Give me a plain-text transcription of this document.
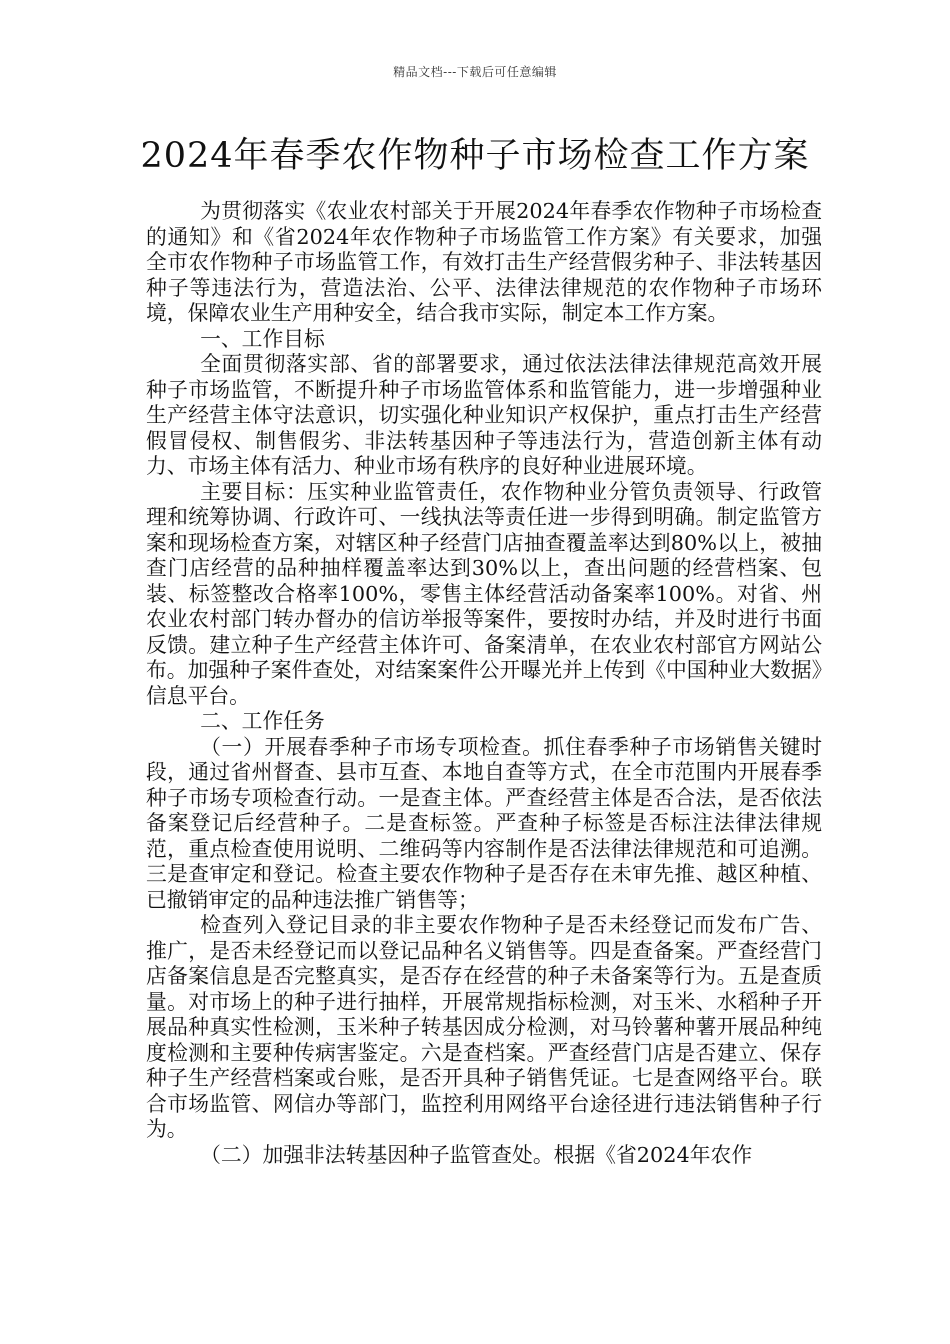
精品文档---下载后可任意编辑
2024年春季农作物种子市场检查工作方案

为贯彻落实《农业农村部关于开展2024年春季农作物种子市场检查的通知》和《省2024年农作物种子市场监管工作方案》有关要求，加强全市农作物种子市场监管工作，有效打击生产经营假劣种子、非法转基因种子等违法行为，营造法治、公平、法律法律规范的农作物种子市场环境，保障农业生产用种安全，结合我市实际，制定本工作方案。

一、工作目标

全面贯彻落实部、省的部署要求，通过依法法律法律规范高效开展种子市场监管，不断提升种子市场监管体系和监管能力，进一步增强种业生产经营主体守法意识，切实强化种业知识产权保护，重点打击生产经营假冒侵权、制售假劣、非法转基因种子等违法行为，营造创新主体有动力、市场主体有活力、种业市场有秩序的良好种业进展环境。

主要目标：压实种业监管责任，农作物种业分管负责领导、行政管理和统筹协调、行政许可、一线执法等责任进一步得到明确。制定监管方案和现场检查方案，对辖区种子经营门店抽查覆盖率达到80%以上，被抽查门店经营的品种抽样覆盖率达到30%以上，查出问题的经营档案、包装、标签整改合格率100%，零售主体经营活动备案率100%。对省、州农业农村部门转办督办的信访举报等案件，要按时办结，并及时进行书面反馈。建立种子生产经营主体许可、备案清单，在农业农村部官方网站公布。加强种子案件查处，对结案案件公开曝光并上传到《中国种业大数据》信息平台。

二、工作任务

（一）开展春季种子市场专项检查。抓住春季种子市场销售关键时段，通过省州督查、县市互查、本地自查等方式，在全市范围内开展春季种子市场专项检查行动。一是查主体。严查经营主体是否合法，是否依法备案登记后经营种子。二是查标签。严查种子标签是否标注法律法律规范，重点检查使用说明、二维码等内容制作是否法律法律规范和可追溯。三是查审定和登记。检查主要农作物种子是否存在未审先推、越区种植、已撤销审定的品种违法推广销售等；

检查列入登记目录的非主要农作物种子是否未经登记而发布广告、推广，是否未经登记而以登记品种名义销售等。四是查备案。严查经营门店备案信息是否完整真实，是否存在经营的种子未备案等行为。五是查质量。对市场上的种子进行抽样，开展常规指标检测，对玉米、水稻种子开展品种真实性检测，玉米种子转基因成分检测，对马铃薯种薯开展品种纯度检测和主要种传病害鉴定。六是查档案。严查经营门店是否建立、保存种子生产经营档案或台账，是否开具种子销售凭证。七是查网络平台。联合市场监管、网信办等部门，监控利用网络平台途径进行违法销售种子行为。

（二）加强非法转基因种子监管查处。根据《省2024年农作
